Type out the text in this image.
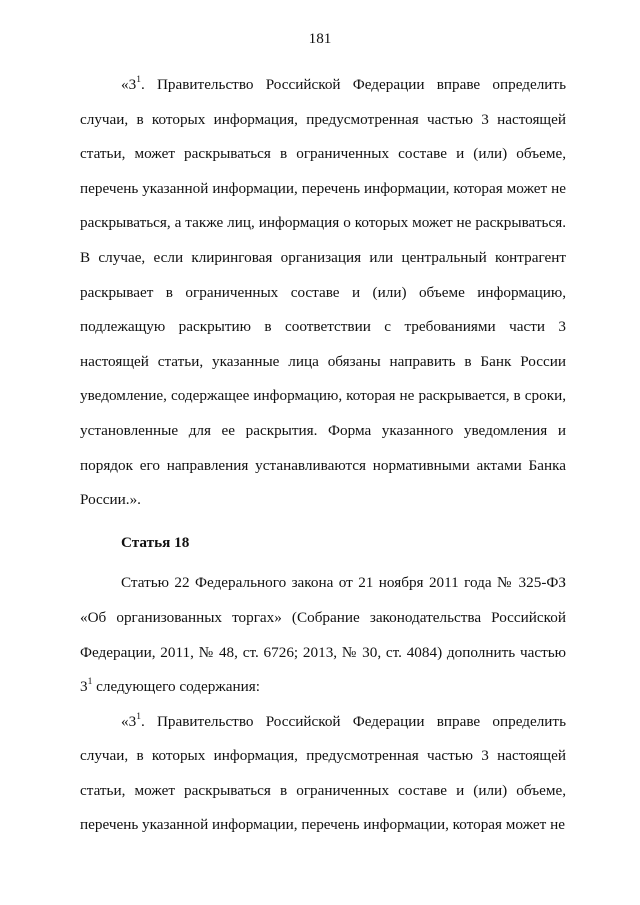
181

«$3^1$. Правительство Российской Федерации вправе определить случаи, в которых информация, предусмотренная частью 3 настоящей статьи, может раскрываться в ограниченных составе и (или) объеме, перечень указанной информации, перечень информации, которая может не раскрываться, а также лиц, информация о которых может не раскрываться. В случае, если клиринговая организация или центральный контрагент раскрывает в ограниченных составе и (или) объеме информацию, подлежащую раскрытию в соответствии с требованиями части 3 настоящей статьи, указанные лица обязаны направить в Банк России уведомление, содержащее информацию, которая не раскрывается, в сроки, установленные для ее раскрытия. Форма указанного уведомления и порядок его направления устанавливаются нормативными актами Банка России.».

Статья 18

Статью 22 Федерального закона от 21 ноября 2011 года № 325-ФЗ «Об организованных торгах» (Собрание законодательства Российской Федерации, 2011, № 48, ст. 6726; 2013, № 30, ст. 4084) дополнить частью $3^1$ следующего содержания:

«$3^1$. Правительство Российской Федерации вправе определить случаи, в которых информация, предусмотренная частью 3 настоящей статьи, может раскрываться в ограниченных составе и (или) объеме, перечень указанной информации, перечень информации, которая может не
